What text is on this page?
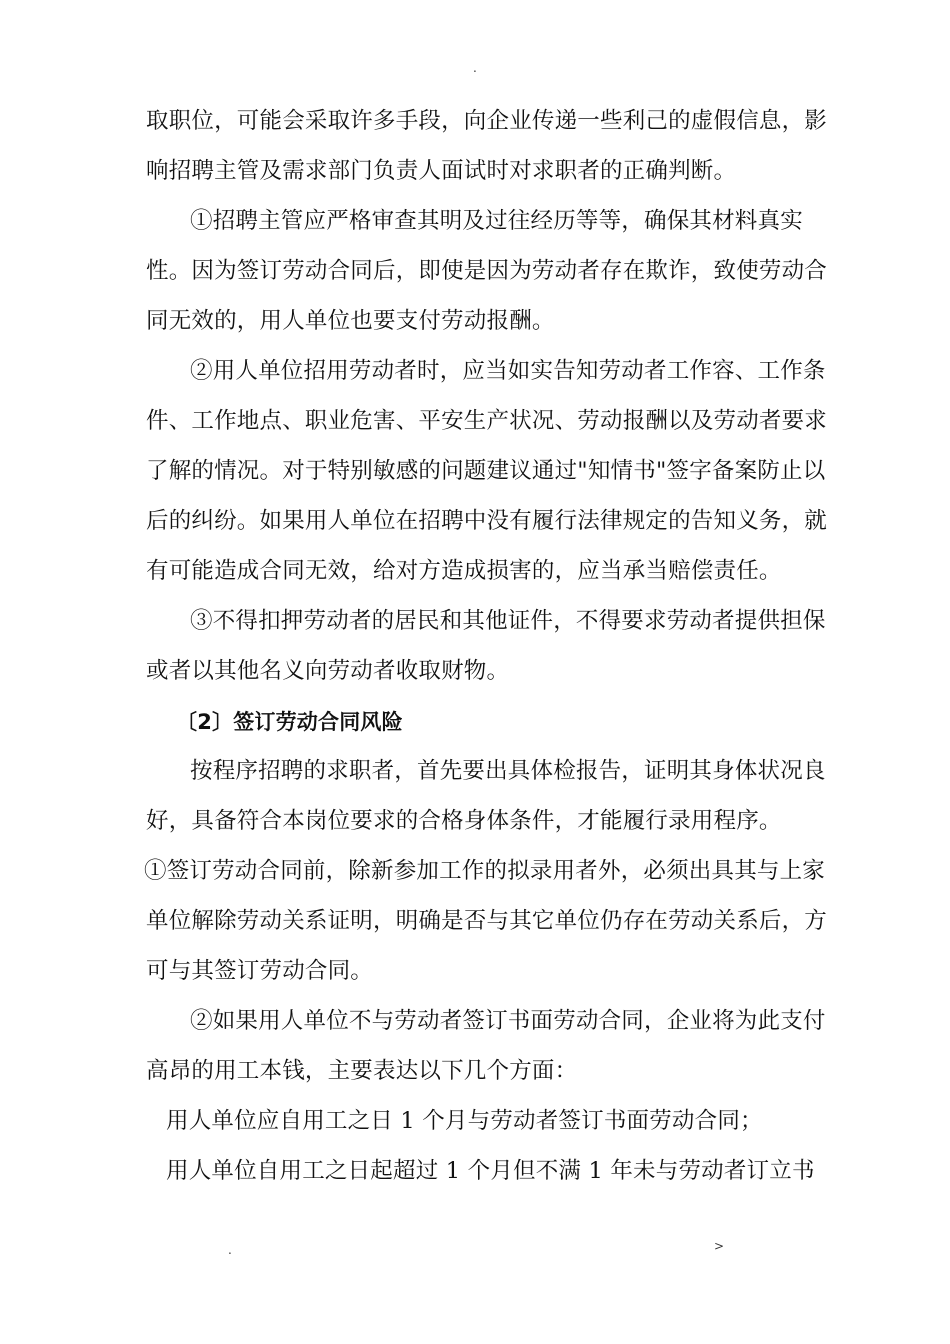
.
取职位，可能会采取许多手段，向企业传递一些利己的虚假信息，影
响招聘主管及需求部门负责人面试时对求职者的正确判断。
①招聘主管应严格审查其明及过往经历等等，确保其材料真实
性。因为签订劳动合同后，即使是因为劳动者存在欺诈，致使劳动合
同无效的，用人单位也要支付劳动报酬。
②用人单位招用劳动者时，应当如实告知劳动者工作容、工作条
件、工作地点、职业危害、平安生产状况、劳动报酬以及劳动者要求
了解的情况。对于特别敏感的问题建议通过"知情书"签字备案防止以
后的纠纷。如果用人单位在招聘中没有履行法律规定的告知义务，就
有可能造成合同无效，给对方造成损害的，应当承当赔偿责任。
③不得扣押劳动者的居民和其他证件，不得要求劳动者提供担保
或者以其他名义向劳动者收取财物。
〔2〕签订劳动合同风险
按程序招聘的求职者，首先要出具体检报告，证明其身体状况良
好，具备符合本岗位要求的合格身体条件，才能履行录用程序。
①签订劳动合同前，除新参加工作的拟录用者外，必须出具其与上家
单位解除劳动关系证明，明确是否与其它单位仍存在劳动关系后，方
可与其签订劳动合同。
②如果用人单位不与劳动者签订书面劳动合同，企业将为此支付
高昂的用工本钱，主要表达以下几个方面：
用人单位应自用工之日 1 个月与劳动者签订书面劳动合同；
用人单位自用工之日起超过 1 个月但不满 1 年未与劳动者订立书
.	>
